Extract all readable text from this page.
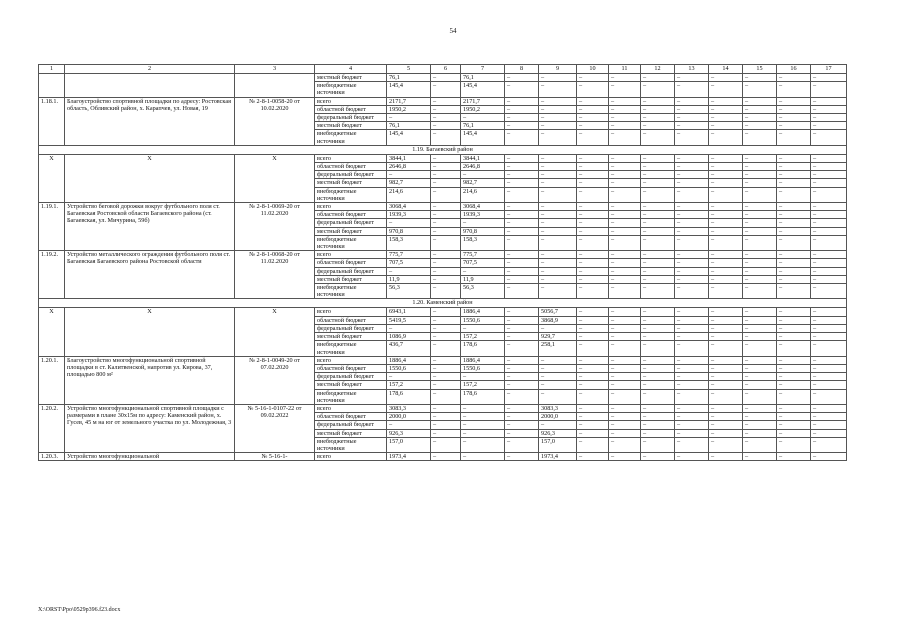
54
1	2	3	4	5	6	7	8	9	10	11	12	13	14	15	16	17
			местный бюджет	76,1	–	76,1	–	–	–	–	–	–	–	–	–	–
			внебюджетные источники	145,4	–	145,4	–	–	–	–	–	–	–	–	–	–
1.18.1.	Благоустройство спортивной площадки по адресу: Ростовская область, Обливский район, х. Карапчев, ул. Новая, 19	№ 2-8-1-0058-20 от 10.02.2020	всего	2171,7	–	2171,7	–	–	–	–	–	–	–	–	–	–
			областной бюджет	1950,2	–	1950,2	–	–	–	–	–	–	–	–	–	–
			федеральный бюджет	–	–	–	–	–	–	–	–	–	–	–	–	–
			местный бюджет	76,1	–	76,1	–	–	–	–	–	–	–	–	–	–
			внебюджетные источники	145,4	–	145,4	–	–	–	–	–	–	–	–	–	–
1.19. Багаевский район																
X	X	X	всего	3844,1	–	3844,1	–	–	–	–	–	–	–	–	–	–
			областной бюджет	2646,8	–	2646,8	–	–	–	–	–	–	–	–	–	–
			федеральный бюджет	–	–	–	–	–	–	–	–	–	–	–	–	–
			местный бюджет	982,7	–	982,7	–	–	–	–	–	–	–	–	–	–
			внебюджетные источники	214,6	–	214,6	–	–	–	–	–	–	–	–	–	–
1.19.1.	Устройство беговой дорожки вокруг футбольного поля ст. Багаевская Ростовской области Багаевского района (ст. Багаевская, ул. Мичурина, 59б)	№ 2-8-1-0069-20 от 11.02.2020	всего	3068,4	–	3068,4	–	–	–	–	–	–	–	–	–	–
			областной бюджет	1939,3	–	1939,3	–	–	–	–	–	–	–	–	–	–
			федеральный бюджет	–	–	–	–	–	–	–	–	–	–	–	–	–
			местный бюджет	970,8	–	970,8	–	–	–	–	–	–	–	–	–	–
			внебюджетные источники	158,3	–	158,3	–	–	–	–	–	–	–	–	–	–
1.19.2.	Устройство металлического ограждения футбольного поля ст. Багаевская Багаевского района Ростовской области	№ 2-8-1-0068-20 от 11.02.2020	всего	775,7	–	775,7	–	–	–	–	–	–	–	–	–	–
			областной бюджет	707,5	–	707,5	–	–	–	–	–	–	–	–	–	–
			федеральный бюджет	–	–	–	–	–	–	–	–	–	–	–	–	–
			местный бюджет	11,9	–	11,9	–	–	–	–	–	–	–	–	–	–
			внебюджетные источники	56,3	–	56,3	–	–	–	–	–	–	–	–	–	–
1.20. Каменский район																
X	X	X	всего	6943,1	–	1886,4	–	5056,7	–	–	–	–	–	–	–	–
			областной бюджет	5419,5	–	1550,6	–	3868,9	–	–	–	–	–	–	–	–
			федеральный бюджет	–	–	–	–	–	–	–	–	–	–	–	–	–
			местный бюджет	1086,9	–	157,2	–	929,7	–	–	–	–	–	–	–	–
			внебюджетные источники	436,7	–	178,6	–	258,1	–	–	–	–	–	–	–	–
1.20.1.	Благоустройство многофункциональной спортивной площадки в ст. Калитвенской, напротив ул. Кирова, 37, площадью 800 м²	№ 2-8-1-0049-20 от 07.02.2020	всего	1886,4	–	1886,4	–	–	–	–	–	–	–	–	–	–
			областной бюджет	1550,6	–	1550,6	–	–	–	–	–	–	–	–	–	–
			федеральный бюджет	–	–	–	–	–	–	–	–	–	–	–	–	–
			местный бюджет	157,2	–	157,2	–	–	–	–	–	–	–	–	–	–
			внебюджетные источники	178,6	–	178,6	–	–	–	–	–	–	–	–	–	–
1.20.2.	Устройство многофункциональной спортивной площадки с размерами в плане 30x15м по адресу: Каменский район, х. Гусев, 45 м на юг от земельного участка по ул. Молодежная, 3	№ 5-16-1-0107-22 от 09.02.2022	всего	3083,3	–	–	–	3083,3	–	–	–	–	–	–	–	–
			областной бюджет	2000,0	–	–	–	2000,0	–	–	–	–	–	–	–	–
			федеральный бюджет	–	–	–	–	–	–	–	–	–	–	–	–	–
			местный бюджет	926,3	–	–	–	926,3	–	–	–	–	–	–	–	–
			внебюджетные источники	157,0	–	–	–	157,0	–	–	–	–	–	–	–	–
1.20.3.	Устройство многофункциональной	№ 5-16-1-	всего	1973,4	–	–	–	1973,4	–	–	–	–	–	–	–	–
X:\ORST\Ppo\0529p396.f23.docx
